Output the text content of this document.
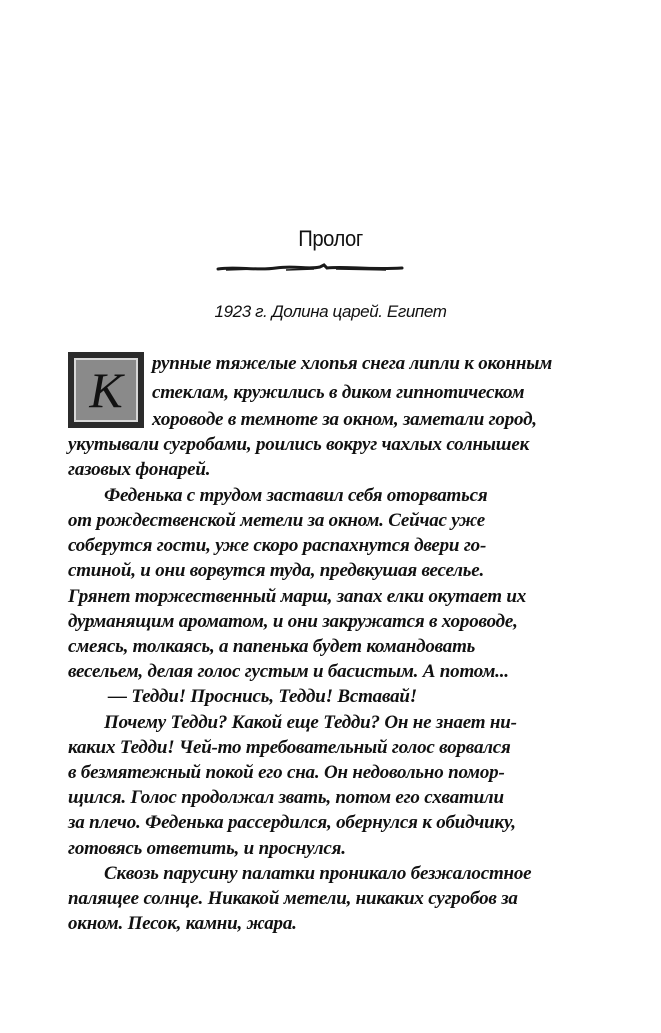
Пролог
1923 г. Долина царей. Египет
К	рупные тяжелые хлопья снега липли к оконным
стеклам, кружились в диком гипнотическом
хороводе в темноте за окном, заметали город,
укутывали сугробами, роились вокруг чахлых солнышек
газовых фонарей.
Феденька с трудом заставил себя оторваться
от рождественской метели за окном. Сейчас уже
соберутся гости, уже скоро распахнутся двери го-
стиной, и они ворвутся туда, предвкушая веселье.
Грянет торжественный марш, запах елки окутает их
дурманящим ароматом, и они закружатся в хороводе,
смеясь, толкаясь, а папенька будет командовать
весельем, делая голос густым и басистым. А потом...
— Тедди! Проснись, Тедди! Вставай!
Почему Тедди? Какой еще Тедди? Он не знает ни-
каких Тедди! Чей-то требовательный голос ворвался
в безмятежный покой его сна. Он недовольно помор-
щился. Голос продолжал звать, потом его схватили
за плечо. Феденька рассердился, обернулся к обидчику,
готовясь ответить, и проснулся.
Сквозь парусину палатки проникало безжалостное
палящее солнце. Никакой метели, никаких сугробов за
окном. Песок, камни, жара.
